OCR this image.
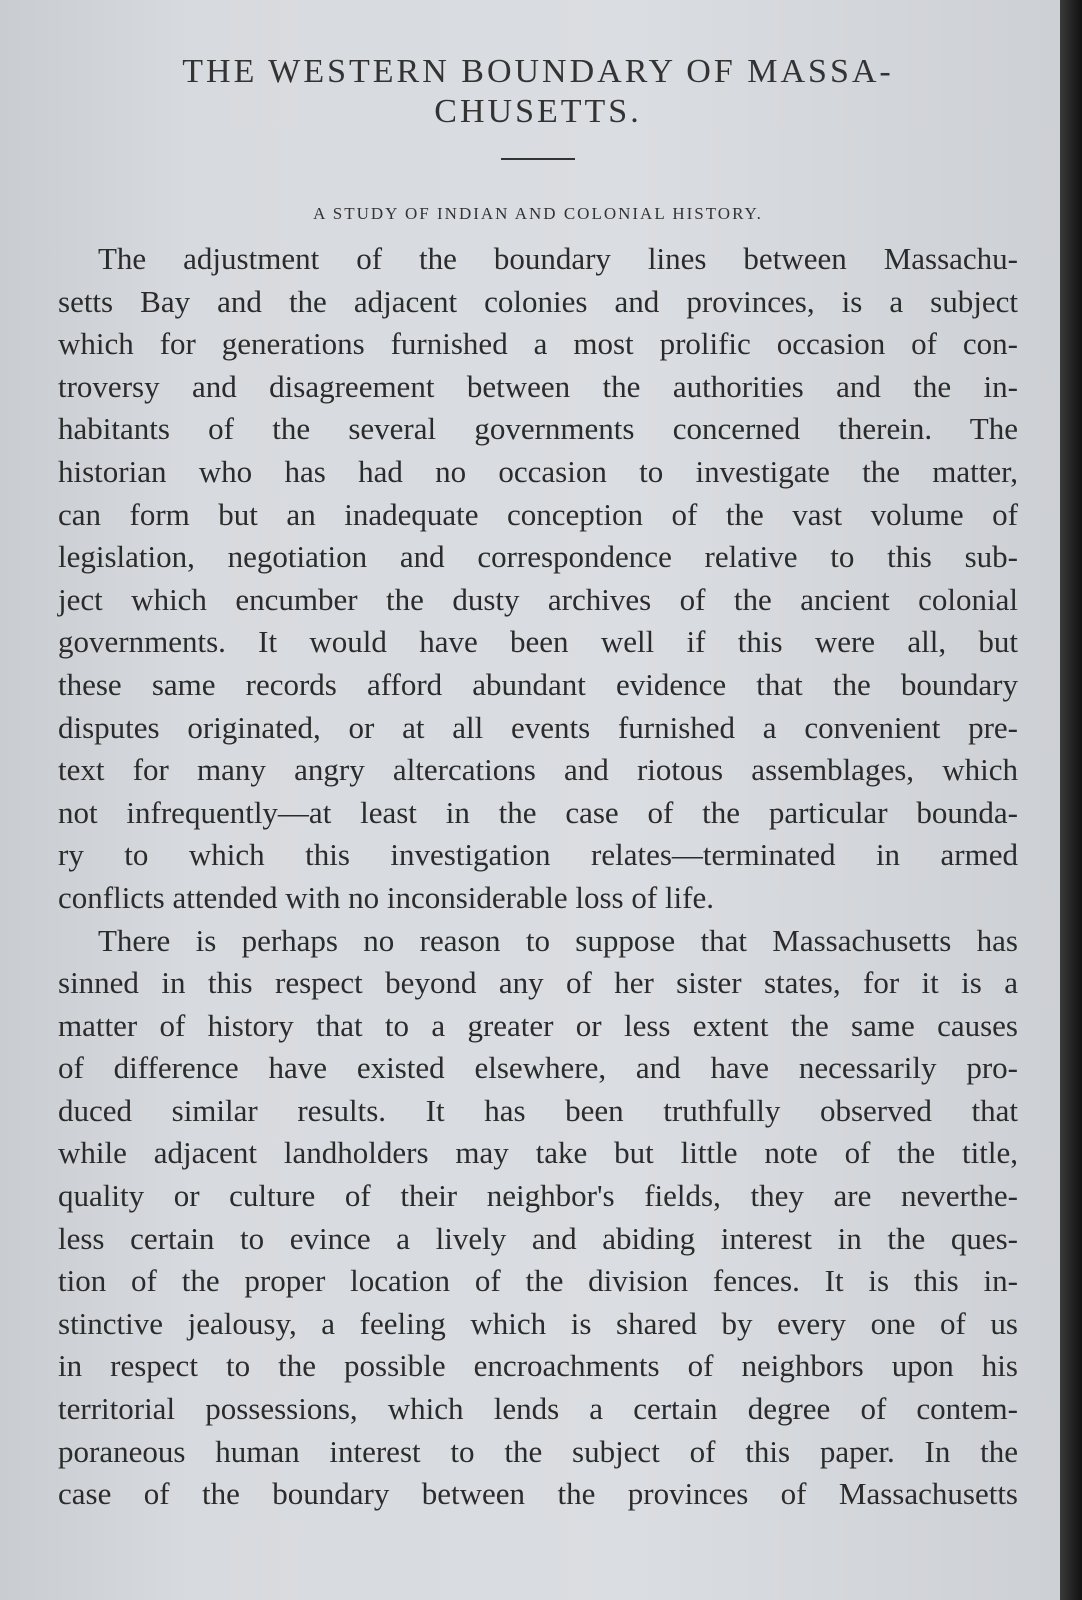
THE WESTERN BOUNDARY OF MASSA-
CHUSETTS.

A STUDY OF INDIAN AND COLONIAL HISTORY.

The adjustment of the boundary lines between Massachu-
setts Bay and the adjacent colonies and provinces, is a subject
which for generations furnished a most prolific occasion of con-
troversy and disagreement between the authorities and the in-
habitants of the several governments concerned therein. The
historian who has had no occasion to investigate the matter,
can form but an inadequate conception of the vast volume of
legislation, negotiation and correspondence relative to this sub-
ject which encumber the dusty archives of the ancient colonial
governments. It would have been well if this were all, but
these same records afford abundant evidence that the boundary
disputes originated, or at all events furnished a convenient pre-
text for many angry altercations and riotous assemblages, which
not infrequently—at least in the case of the particular bounda-
ry to which this investigation relates—terminated in armed
conflicts attended with no inconsiderable loss of life.
There is perhaps no reason to suppose that Massachusetts has
sinned in this respect beyond any of her sister states, for it is a
matter of history that to a greater or less extent the same causes
of difference have existed elsewhere, and have necessarily pro-
duced similar results. It has been truthfully observed that
while adjacent landholders may take but little note of the title,
quality or culture of their neighbor's fields, they are neverthe-
less certain to evince a lively and abiding interest in the ques-
tion of the proper location of the division fences. It is this in-
stinctive jealousy, a feeling which is shared by every one of us
in respect to the possible encroachments of neighbors upon his
territorial possessions, which lends a certain degree of contem-
poraneous human interest to the subject of this paper. In the
case of the boundary between the provinces of Massachusetts
